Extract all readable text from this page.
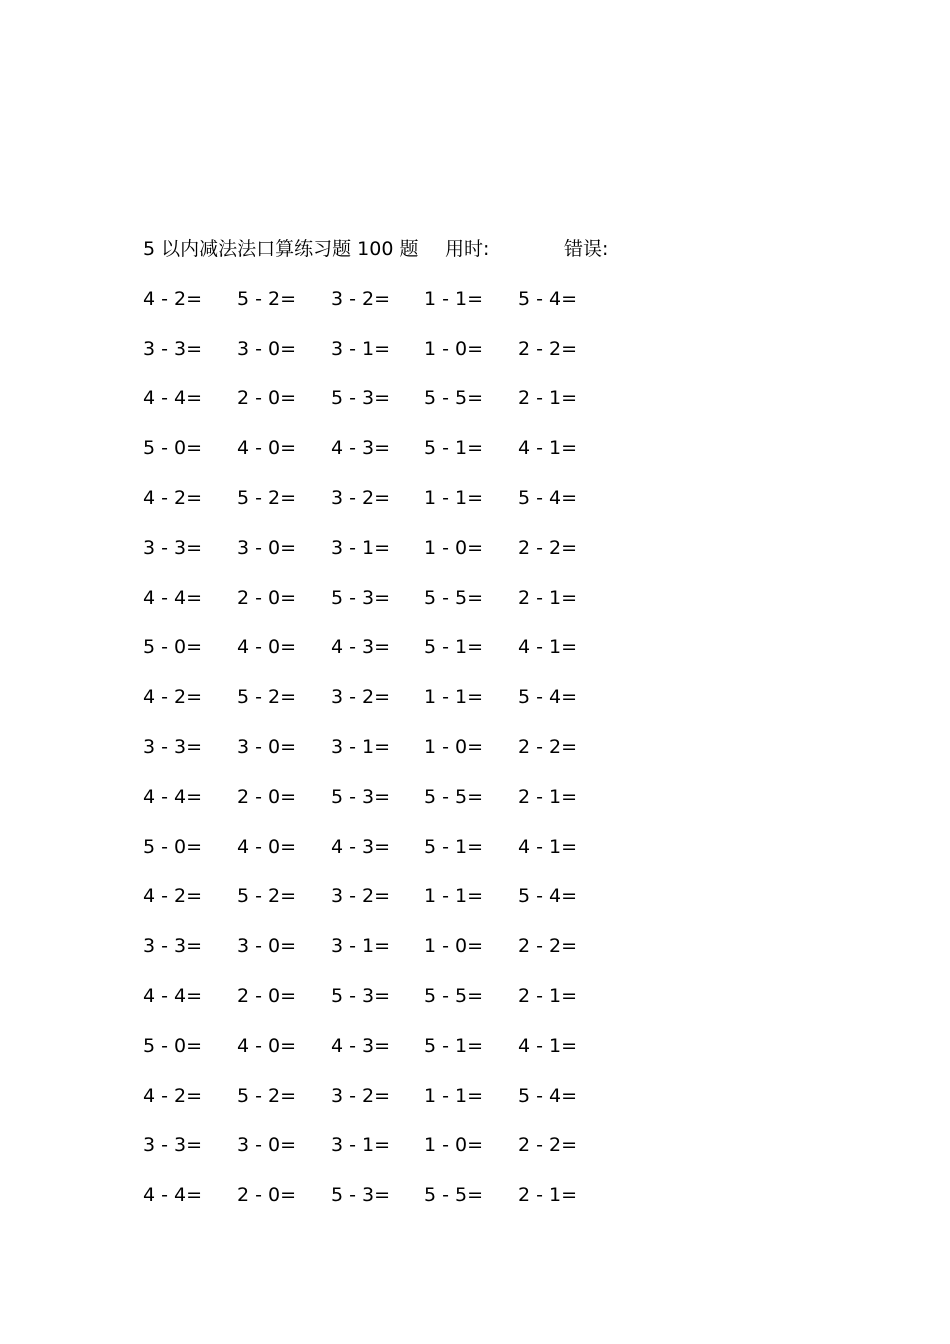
5 以内减法法口算练习题 100 题 用时:	错误:
4 - 2= 5 - 2= 3 - 2= 1 - 1= 5 - 4=
3 - 3= 3 - 0= 3 - 1= 1 - 0= 2 - 2=
4 - 4= 2 - 0= 5 - 3= 5 - 5= 2 - 1=
5 - 0= 4 - 0= 4 - 3= 5 - 1= 4 - 1=
4 - 2= 5 - 2= 3 - 2= 1 - 1= 5 - 4=
3 - 3= 3 - 0= 3 - 1= 1 - 0= 2 - 2=
4 - 4= 2 - 0= 5 - 3= 5 - 5= 2 - 1=
5 - 0= 4 - 0= 4 - 3= 5 - 1= 4 - 1=
4 - 2= 5 - 2= 3 - 2= 1 - 1= 5 - 4=
3 - 3= 3 - 0= 3 - 1= 1 - 0= 2 - 2=
4 - 4= 2 - 0= 5 - 3= 5 - 5= 2 - 1=
5 - 0= 4 - 0= 4 - 3= 5 - 1= 4 - 1=
4 - 2= 5 - 2= 3 - 2= 1 - 1= 5 - 4=
3 - 3= 3 - 0= 3 - 1= 1 - 0= 2 - 2=
4 - 4= 2 - 0= 5 - 3= 5 - 5= 2 - 1=
5 - 0= 4 - 0= 4 - 3= 5 - 1= 4 - 1=
4 - 2= 5 - 2= 3 - 2= 1 - 1= 5 - 4=
3 - 3= 3 - 0= 3 - 1= 1 - 0= 2 - 2=
4 - 4= 2 - 0= 5 - 3= 5 - 5= 2 - 1=
